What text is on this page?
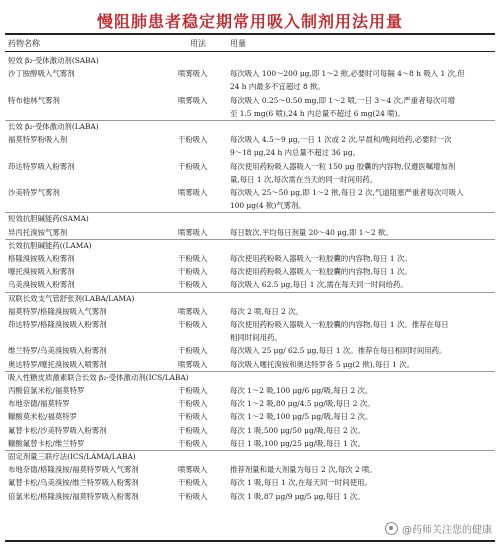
慢阻肺患者稳定期常用吸入制剂用法用量
药物名称	用法	用量
短效 β₂-受体激动剂(SABA)
沙丁胺醇吸入气雾剂	喷雾吸入	每次吸入 100～200 μg,即 1～2 揿,必要时可每隔 4～8 h 吸入 1 次,但
24 h 内最多不宜超过 8 揿。
特布他林气雾剂	喷雾吸入	每次吸入 0.25～0.50 mg,即 1～2 喷,一日 3～4 次,严重者每次可增
至 1.5 mg(6 喷),24 h 内总量不超过 6 mg(24 喷)。
长效 β₂-受体激动剂(LABA)
福莫特罗粉吸入剂	干粉吸入	每次吸入 4.5～9 μg,一日 1 次或 2 次,早晨和/晚间给药,必要时一次
9～18 μg,24 h 内总量不超过 36 μg。
茚达特罗吸入粉雾剂	干粉吸入	每次使用药粉吸入器吸入一粒 150 μg 胶囊的内容物,仅遵医嘱增加剂
量,每日 1 次,每次需在当天的同一时间用药。
沙美特罗气雾剂	喷雾吸入	每次吸入 25～50 μg,即 1～2 揿,每日 2 次,气道阻塞严重者每次可吸入
100 μg(4 揿)气雾剂。
短效抗胆碱能药(SAMA)
异丙托溴铵气雾剂	喷雾吸入	每日数次,平均每日剂量 20～40 μg,即 1～2 揿。
长效抗胆碱能药((LAMA)
格隆溴铵吸入粉雾剂	干粉吸入	每次使用药粉吸入器吸入一粒胶囊的内容物,每日 1 次。
噻托溴铵吸入粉雾剂	干粉吸入	每次使用药粉吸入器吸入一粒胶囊的内容物,每日 1 次。
乌美溴铵吸入粉雾剂	干粉吸入	每次吸入 62.5 μg,每日 1 次,需在每天同一时间给药。
双联长效支气管舒张剂(LABA/LAMA)
福莫特罗/格隆溴铵吸入气雾剂	喷雾吸入	每次 2 喷,每日 2 次。
茚达特罗/格隆溴铵吸入粉雾剂	干粉吸入	每次使用药粉吸入器吸入一粒胶囊的内容物,每日 1 次。推荐在每日
相同时间用药。
维兰特罗/乌美溴铵吸入粉雾剂	干粉吸入	每次吸入 25 μg/ 62.5 μg,每日 1 次。推荐在每日相同时间用药。
奥达特罗/噻托溴铵吸入喷雾剂	喷雾吸入	每次吸入噻托溴铵和奥达特罗各 5 μg(2 揿),每日 1 次。
吸入性糖皮质激素联合长效 β₂-受体激动剂(ICS/LABA)
丙酸倍氯米松/福莫特罗	干粉吸入	每次 1～2 吸,100 μg/6 μg/吸,每日 2 次。
布地奈德/福莫特罗	干粉吸入	每次 1～2 吸,80 μg/4.5 μg/吸,每日 2 次。
糠酸莫米松/福莫特罗	干粉吸入	每次 1～2 吸,100 μg/5 μg/吸,每日 2 次。
氟替卡松/沙美特罗吸入粉雾剂	干粉吸入	每次 1 吸,500 μg/50 μg/吸,每日 2 次。
糠酸氟替卡松/维兰特罗	干粉吸入	每日 1 吸,100 μg/25 μg/吸,每日 1 次。
固定剂量三联疗法(ICS/LAMA/LABA)
布地奈德/格隆溴铵/福莫特罗吸入气雾剂	喷雾吸入	推荐剂量和最大剂量为每日 2 次,每次 2 喷。
氟替卡松/乌美溴铵/维兰特罗吸入粉雾剂	干粉吸入	每次 1 吸,每日 1 次,在每天同一时间使用。
倍氯米松/格隆溴铵/福莫特罗吸入粉雾剂	干粉吸入	每次 1 吸,87 μg/9 μg/5 μg,每日 1 次。
@药师关注您的健康
